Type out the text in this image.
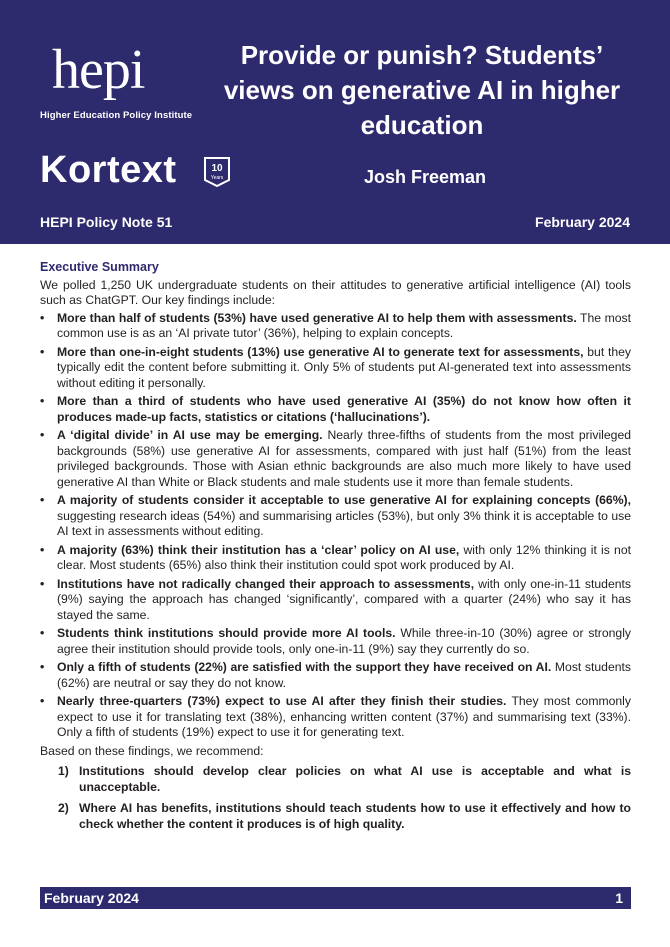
hepi
Higher Education Policy Institute
Kortext	10
Years
Provide or punish? Students’ views on generative AI in higher education
Josh Freeman
HEPI Policy Note 51	February 2024
Executive Summary
We polled 1,250 UK undergraduate students on their attitudes to generative artificial intelligence (AI) tools such as ChatGPT. Our key findings include:
• More than half of students (53%) have used generative AI to help them with assessments. The most common use is as an ‘AI private tutor’ (36%), helping to explain concepts.
• More than one-in-eight students (13%) use generative AI to generate text for assessments, but they typically edit the content before submitting it. Only 5% of students put AI-generated text into assessments without editing it personally.
• More than a third of students who have used generative AI (35%) do not know how often it produces made-up facts, statistics or citations (‘hallucinations’).
• A ‘digital divide’ in AI use may be emerging. Nearly three-fifths of students from the most privileged backgrounds (58%) use generative AI for assessments, compared with just half (51%) from the least privileged backgrounds. Those with Asian ethnic backgrounds are also much more likely to have used generative AI than White or Black students and male students use it more than female students.
• A majority of students consider it acceptable to use generative AI for explaining concepts (66%), suggesting research ideas (54%) and summarising articles (53%), but only 3% think it is acceptable to use AI text in assessments without editing.
• A majority (63%) think their institution has a ‘clear’ policy on AI use, with only 12% thinking it is not clear. Most students (65%) also think their institution could spot work produced by AI.
• Institutions have not radically changed their approach to assessments, with only one-in-11 students (9%) saying the approach has changed ‘significantly’, compared with a quarter (24%) who say it has stayed the same.
• Students think institutions should provide more AI tools. While three-in-10 (30%) agree or strongly agree their institution should provide tools, only one-in-11 (9%) say they currently do so.
• Only a fifth of students (22%) are satisfied with the support they have received on AI. Most students (62%) are neutral or say they do not know.
• Nearly three-quarters (73%) expect to use AI after they finish their studies. They most commonly expect to use it for translating text (38%), enhancing written content (37%) and summarising text (33%). Only a fifth of students (19%) expect to use it for generating text.
Based on these findings, we recommend:
1) Institutions should develop clear policies on what AI use is acceptable and what is unacceptable.
2) Where AI has benefits, institutions should teach students how to use it effectively and how to check whether the content it produces is of high quality.
February 2024	1
